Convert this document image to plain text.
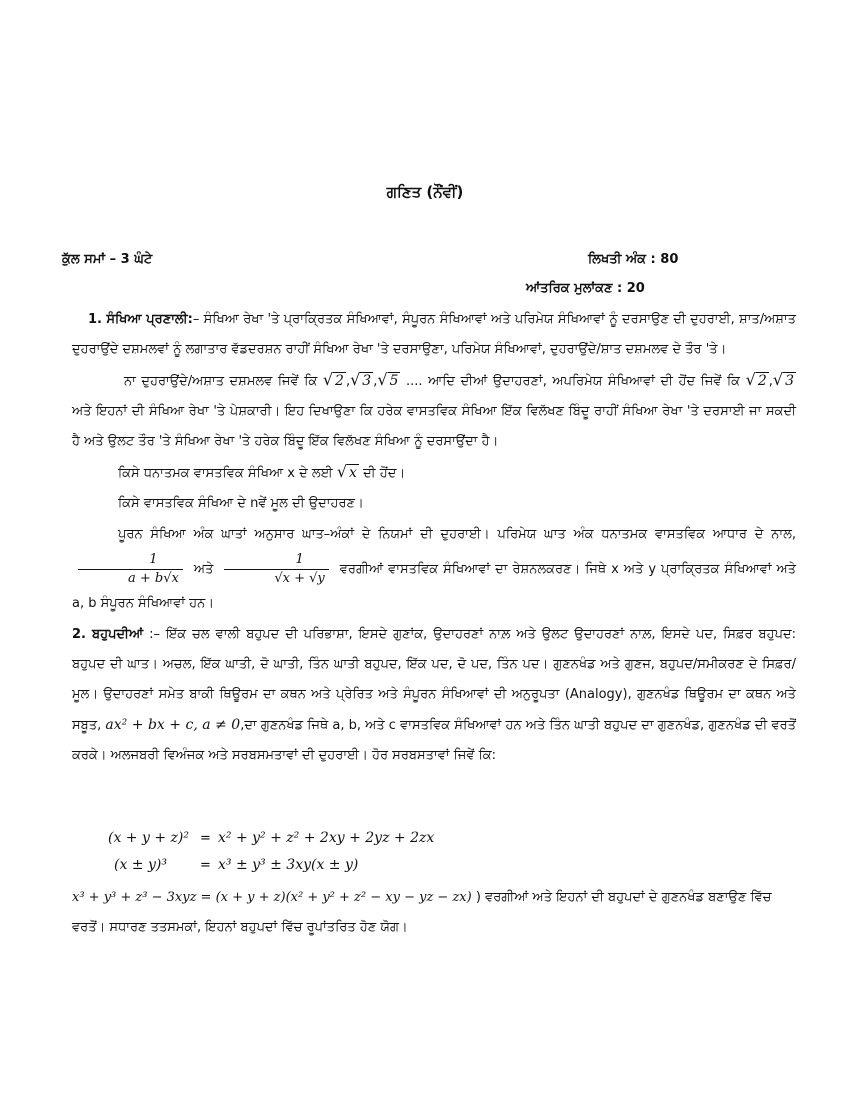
ਗਣਿਤ (ਨੌਂਵੀਂ)
ਕੁੱਲ ਸਮਾਂ – 3 ਘੰਟੇ	ਲਿਖਤੀ ਅੰਕ : 80
ਆਂਤਰਿਕ ਮੁਲਾਂਕਣ : 20

1. ਸੰਖਿਆ ਪ੍ਰਣਾਲੀ:– ਸੰਖਿਆ ਰੇਖਾ 'ਤੇ ਪ੍ਰਾਕ੍ਰਿਤਕ ਸੰਖਿਆਵਾਂ, ਸੰਪੂਰਨ ਸੰਖਿਆਵਾਂ ਅਤੇ ਪਰਿਮੇਯ ਸੰਖਿਆਵਾਂ ਨੂੰ ਦਰਸਾਉਣ ਦੀ ਦੁਹਰਾਈ, ਸ਼ਾਤ/ਅਸ਼ਾਤ ਦੁਹਰਾਉਂਦੇ ਦਸ਼ਮਲਵਾਂ ਨੂੰ ਲਗਾਤਾਰ ਵੱਡਦਰਸ਼ਨ ਰਾਹੀਂ ਸੰਖਿਆ ਰੇਖਾ 'ਤੇ ਦਰਸਾਉਣਾ, ਪਰਿਮੇਯ ਸੰਖਿਆਵਾਂ, ਦੁਹਰਾਉਂਦੇ/ਸ਼ਾਤ ਦਸ਼ਮਲਵ ਦੇ ਤੌਰ 'ਤੇ।

ਨਾ ਦੁਹਰਾਉਂਦੇ/ਅਸ਼ਾਤ ਦਸ਼ਮਲਵ ਜਿਵੇਂ ਕਿ √ 2 ,√ 3 ,√ 5 .... ਆਦਿ ਦੀਆਂ ਉਦਾਹਰਣਾਂ, ਅਪਰਿਮੇਯ ਸੰਖਿਆਵਾਂ ਦੀ ਹੋਂਦ ਜਿਵੇਂ ਕਿ √ 2 ,√ 3 ਅਤੇ ਇਹਨਾਂ ਦੀ ਸੰਖਿਆ ਰੇਖਾ 'ਤੇ ਪੇਸ਼ਕਾਰੀ। ਇਹ ਦਿਖਾਉਣਾ ਕਿ ਹਰੇਕ ਵਾਸਤਵਿਕ ਸੰਖਿਆ ਇੱਕ ਵਿਲੱਖਣ ਬਿੰਦੂ ਰਾਹੀਂ ਸੰਖਿਆ ਰੇਖਾ 'ਤੇ ਦਰਸਾਈ ਜਾ ਸਕਦੀ ਹੈ ਅਤੇ ਉਲਟ ਤੌਰ 'ਤੇ ਸੰਖਿਆ ਰੇਖਾ 'ਤੇ ਹਰੇਕ ਬਿੰਦੂ ਇੱਕ ਵਿਲੱਖਣ ਸੰਖਿਆ ਨੂੰ ਦਰਸਾਉਂਦਾ ਹੈ।

ਕਿਸੇ ਧਨਾਤਮਕ ਵਾਸਤਵਿਕ ਸੰਖਿਆ x ਦੇ ਲਈ √ x ਦੀ ਹੋਂਦ।

ਕਿਸੇ ਵਾਸਤਵਿਕ ਸੰਖਿਆ ਦੇ nਵੇਂ ਮੂਲ ਦੀ ਉਦਾਹਰਣ।

ਪੂਰਨ ਸੰਖਿਆ ਅੰਕ ਘਾਤਾਂ ਅਨੁਸਾਰ ਘਾਤ–ਅੰਕਾਂ ਦੇ ਨਿਯਮਾਂ ਦੀ ਦੁਹਰਾਈ। ਪਰਿਮੇਯ ਘਾਤ ਅੰਕ ਧਨਾਤਮਕ ਵਾਸਤਵਿਕ ਆਧਾਰ ਦੇ ਨਾਲ,
$\frac{1}{a + b√x}$ ਅਤੇ $\frac{1}{√x + √y}$ ਵਰਗੀਆਂ ਵਾਸਤਵਿਕ ਸੰਖਿਆਵਾਂ ਦਾ ਰੇਸ਼ਨਲਕਰਣ। ਜਿਥੇ x ਅਤੇ y ਪ੍ਰਾਕ੍ਰਿਤਕ ਸੰਖਿਆਵਾਂ ਅਤੇ a, b ਸੰਪੂਰਨ ਸੰਖਿਆਵਾਂ ਹਨ।

2. ਬਹੁਪਦੀਆਂ :– ਇੱਕ ਚਲ ਵਾਲੀ ਬਹੁਪਦ ਦੀ ਪਰਿਭਾਸ਼ਾ, ਇਸਦੇ ਗੁਣਾਂਕ, ਉਦਾਹਰਣਾਂ ਨਾਲ਼ ਅਤੇ ਉਲਟ ਉਦਾਹਰਣਾਂ ਨਾਲ਼, ਇਸਦੇ ਪਦ, ਸਿਫ਼ਰ ਬਹੁਪਦ: ਬਹੁਪਦ ਦੀ ਘਾਤ। ਅਚਲ, ਇੱਕ ਘਾਤੀ, ਦੋ ਘਾਤੀ, ਤਿੰਨ ਘਾਤੀ ਬਹੁਪਦ, ਇੱਕ ਪਦ, ਦੋ ਪਦ, ਤਿੰਨ ਪਦ। ਗੁਣਨਖੰਡ ਅਤੇ ਗੁਣਜ, ਬਹੁਪਦ/ਸਮੀਕਰਣ ਦੇ ਸਿਫ਼ਰ/ਮੂਲ। ਉਦਾਹਰਣਾਂ ਸਮੇਤ ਬਾਕੀ ਥਿਊਰਮ ਦਾ ਕਥਨ ਅਤੇ ਪ੍ਰੇਰਿਤ ਅਤੇ ਸੰਪੂਰਨ ਸੰਖਿਆਵਾਂ ਦੀ ਅਨੁਰੂਪਤਾ (Analogy), ਗੁਣਨਖੰਡ ਥਿਊਰਮ ਦਾ ਕਥਨ ਅਤੇ ਸਬੂਤ, ax² + bx + c, a ≠ 0,ਦਾ ਗੁਣਨਖੰਡ ਜਿਥੇ a, b, ਅਤੇ c ਵਾਸਤਵਿਕ ਸੰਖਿਆਵਾਂ ਹਨ ਅਤੇ ਤਿੰਨ ਘਾਤੀ ਬਹੁਪਦ ਦਾ ਗੁਣਨਖੰਡ, ਗੁਣਨਖੰਡ ਦੀ ਵਰਤੋਂ ਕਰਕੇ। ਅਲਜਬਰੀ ਵਿਅੰਜਕ ਅਤੇ ਸਰਬਸਮਤਾਵਾਂ ਦੀ ਦੁਹਰਾਈ। ਹੋਰ ਸਰਬਸਤਾਵਾਂ ਜਿਵੇਂ ਕਿ:

(x + y + z)² = x² + y² + z² + 2xy + 2yz + 2zx
(x ± y)³	= x³ ± y³ ± 3xy(x ± y)
x³ + y³ + z³ − 3xyz = (x + y + z)(x² + y² + z² − xy − yz − zx) ) ਵਰਗੀਆਂ ਅਤੇ ਇਹਨਾਂ ਦੀ ਬਹੁਪਦਾਂ ਦੇ ਗੁਣਨਖੰਡ ਬਣਾਉਣ ਵਿੱਚ ਵਰਤੋਂ। ਸਧਾਰਣ ਤਤਸਮਕਾਂ, ਇਹਨਾਂ ਬਹੁਪਦਾਂ ਵਿੱਚ ਰੂਪਾਂਤਰਿਤ ਹੋਣ ਯੋਗ।
